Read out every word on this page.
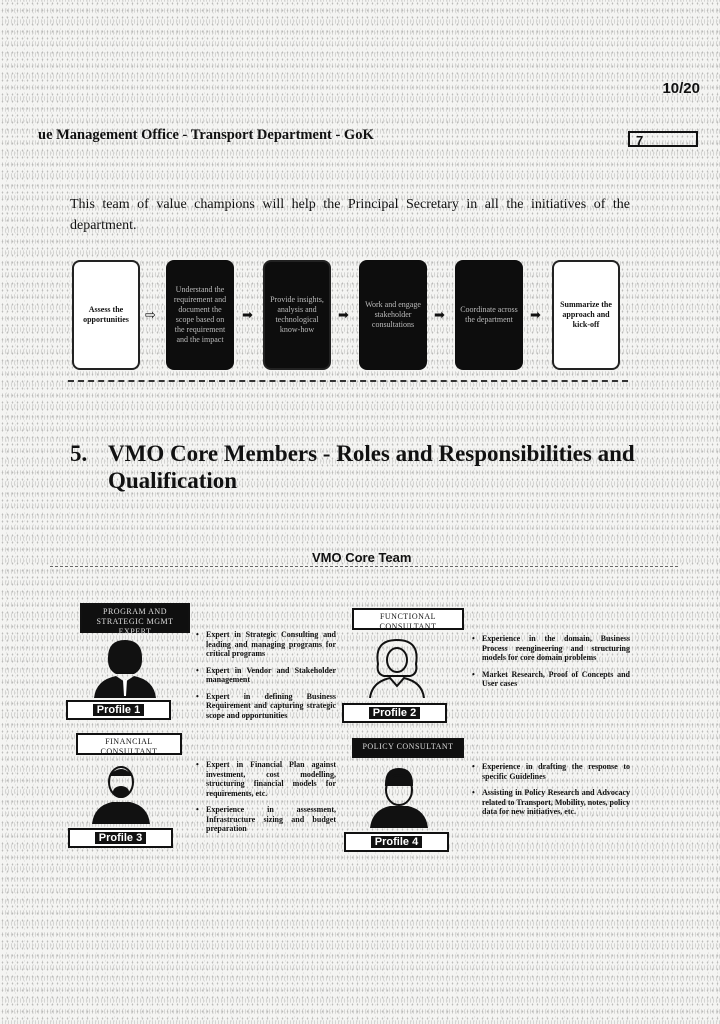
10/20
ue Management Office - Transport Department - GoK	7
This team of value champions will help the Principal Secretary in all the initiatives of the department.
Assess the opportunities	⇨
Understand the requirement and document the scope based on the requirement and the impact
➡
Provide insights, analysis and technological know-how
➡
Work and engage stakeholder consultations
➡	Coordinate across the department	➡
Summarize the approach and kick-off
5. VMO Core Members - Roles and Responsibilities and Qualification
VMO Core Team
PROGRAM AND STRATEGIC MGMT EXPERT
Profile 1
• Expert in Strategic Consulting and leading and managing programs for critical programs
• Expert in Vendor and Stakeholder management
• Expert in defining Business Requirement and capturing strategic scope and opportunities
FUNCTIONAL CONSULTANT
Profile 2
• Experience in the domain, Business Process reengineering and structuring models for core domain problems
• Market Research, Proof of Concepts and User cases
FINANCIAL CONSULTANT
Profile 3
• Expert in Financial Plan against investment, cost modelling, structuring financial models for requirements, etc.
• Experience in assessment, Infrastructure sizing and budget preparation
POLICY CONSULTANT
Profile 4
• Experience in drafting the response to specific Guidelines
• Assisting in Policy Research and Advocacy related to Transport, Mobility, notes, policy data for new initiatives, etc.
